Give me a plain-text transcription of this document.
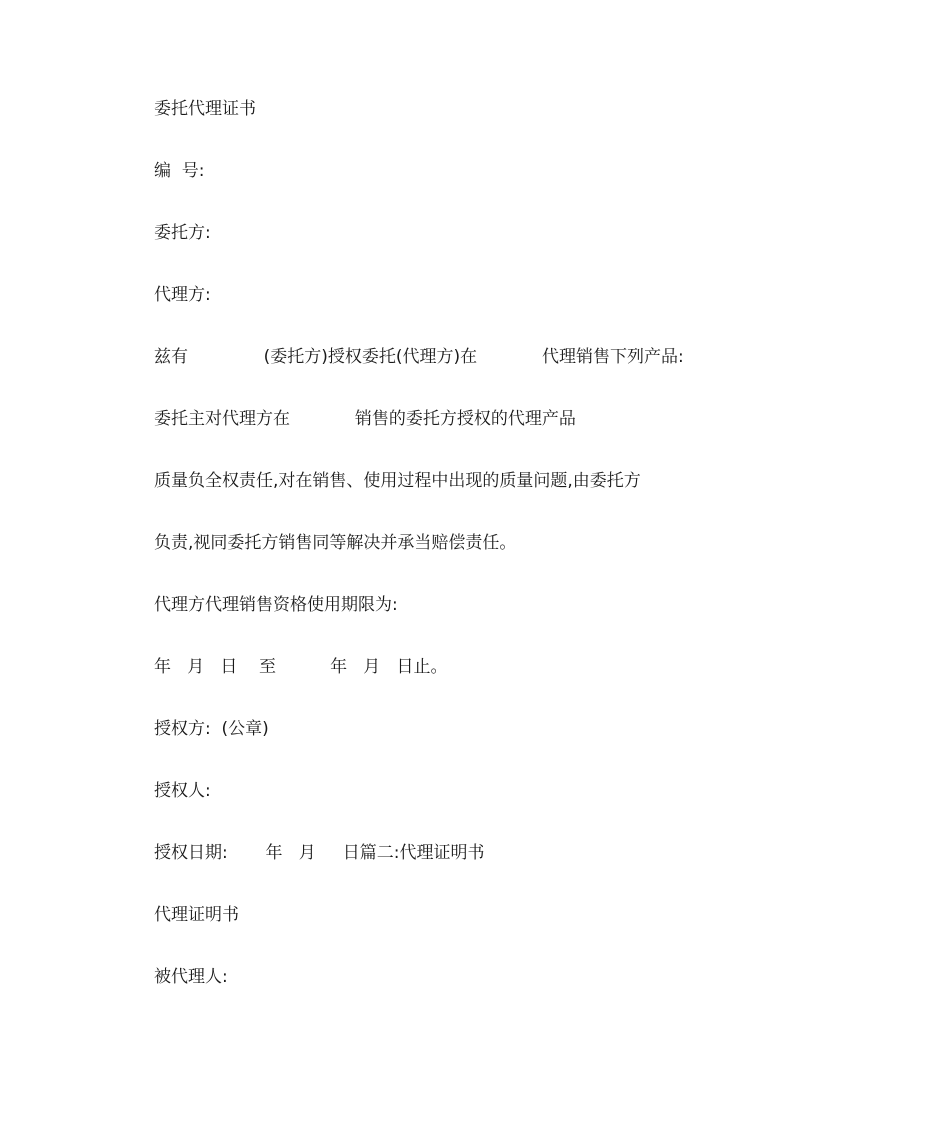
委托代理证书
编  号:
委托方:
代理方:
兹有              (委托方)授权委托(代理方)在            代理销售下列产品:
委托主对代理方在            销售的委托方授权的代理产品
质量负全权责任,对在销售、使用过程中出现的质量问题,由委托方
负责,视同委托方销售同等解决并承当赔偿责任。
代理方代理销售资格使用期限为:
年   月   日    至          年   月   日止。
授权方:  (公章)
授权人:
授权日期:       年   月     日篇二:代理证明书
代理证明书
被代理人:
